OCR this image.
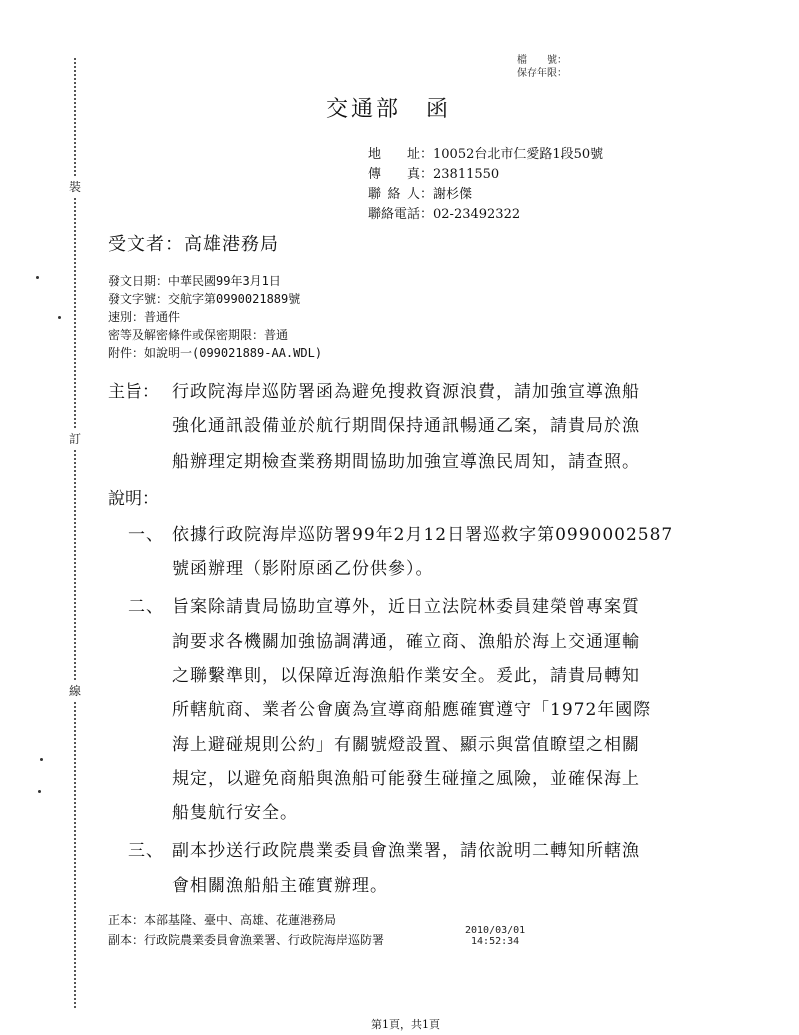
裝
訂
線
檔　　號：
保存年限：
交通部　函
地址：10052台北市仁愛路1段50號
傳　　真：23811550
聯 絡 人：謝杉傑
聯絡電話：02-23492322
受文者：高雄港務局
發文日期：中華民國99年3月1日
發文字號：交航字第0990021889號
速別：普通件
密等及解密條件或保密期限：普通
附件：如說明一(099021889-AA.WDL)
主旨： 行政院海岸巡防署函為避免搜救資源浪費，請加強宣導漁船
強化通訊設備並於航行期間保持通訊暢通乙案，請貴局於漁
船辦理定期檢查業務期間協助加強宣導漁民周知，請查照。
說明：
一、 依據行政院海岸巡防署99年2月12日署巡救字第0990002587
號函辦理（影附原函乙份供參）。
二、 旨案除請貴局協助宣導外，近日立法院林委員建榮曾專案質
詢要求各機關加強協調溝通，確立商、漁船於海上交通運輸
之聯繫準則，以保障近海漁船作業安全。爰此，請貴局轉知
所轄航商、業者公會廣為宣導商船應確實遵守「1972年國際
海上避碰規則公約」有關號燈設置、顯示與當值瞭望之相關
規定，以避免商船與漁船可能發生碰撞之風險，並確保海上
船隻航行安全。
三、 副本抄送行政院農業委員會漁業署，請依說明二轉知所轄漁
會相關漁船船主確實辦理。
正本：本部基隆、臺中、高雄、花蓮港務局
副本：行政院農業委員會漁業署、行政院海岸巡防署
2010/03/01
14:52:34
第1頁，共1頁
